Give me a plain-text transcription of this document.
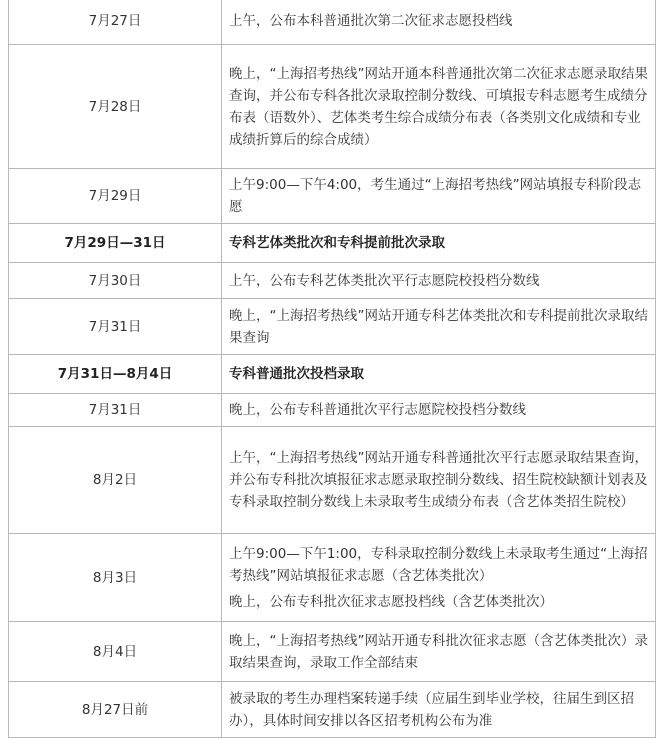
7月27日	上午，公布本科普通批次第二次征求志愿投档线

7月28日	晚上，“上海招考热线”网站开通本科普通批次第二次征求志愿录取结果查询，并公布专科各批次录取控制分数线、可填报专科志愿考生成绩分布表（语数外）、艺体类考生综合成绩分布表（各类别文化成绩和专业成绩折算后的综合成绩）

7月29日	上午9:00—下午4:00，考生通过“上海招考热线”网站填报专科阶段志愿

7月29日—31日	专科艺体类批次和专科提前批次录取

7月30日	上午，公布专科艺体类批次平行志愿院校投档分数线

7月31日	晚上，“上海招考热线”网站开通专科艺体类批次和专科提前批次录取结果查询

7月31日—8月4日	专科普通批次投档录取

7月31日	晚上，公布专科普通批次平行志愿院校投档分数线

8月2日	上午，“上海招考热线”网站开通专科普通批次平行志愿录取结果查询，并公布专科批次填报征求志愿录取控制分数线、招生院校缺额计划表及专科录取控制分数线上未录取考生成绩分布表（含艺体类招生院校）

8月3日	上午9:00—下午1:00，专科录取控制分数线上未录取考生通过“上海招考热线”网站填报征求志愿（含艺体类批次）
晚上，公布专科批次征求志愿投档线（含艺体类批次）

8月4日	晚上，“上海招考热线”网站开通专科批次征求志愿（含艺体类批次）录取结果查询，录取工作全部结束

8月27日前	被录取的考生办理档案转递手续（应届生到毕业学校，往届生到区招办），具体时间安排以各区招考机构公布为准
